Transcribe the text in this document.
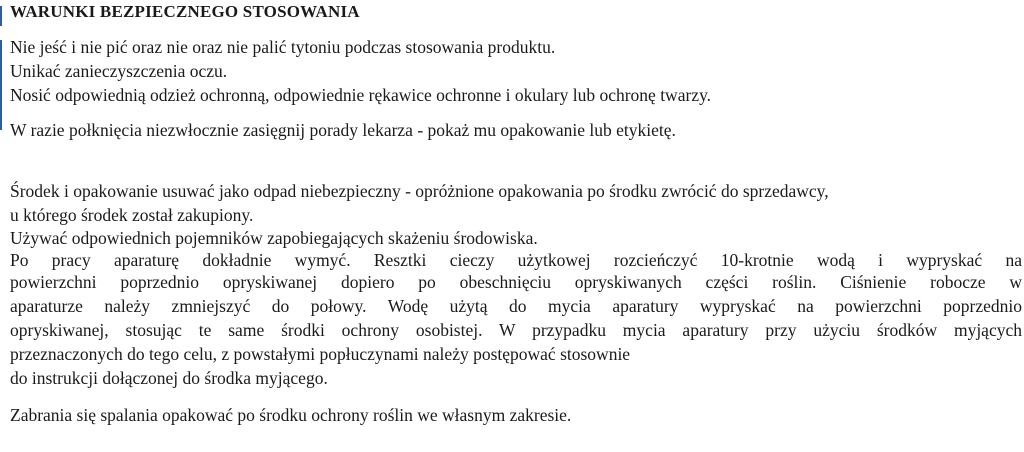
WARUNKI BEZPIECZNEGO STOSOWANIA
Nie jeść i nie pić oraz nie oraz nie palić tytoniu podczas stosowania produktu.
Unikać zanieczyszczenia oczu.
Nosić odpowiednią odzież ochronną, odpowiednie rękawice ochronne i okulary lub ochronę twarzy.
W razie połknięcia niezwłocznie zasięgnij porady lekarza - pokaż mu opakowanie lub etykietę.
Środek i opakowanie usuwać jako odpad niebezpieczny - opróżnione opakowania po środku zwrócić do sprzedawcy,
u którego środek został zakupiony.
Używać odpowiednich pojemników zapobiegających skażeniu środowiska.
Po pracy aparaturę dokładnie wymyć. Resztki cieczy użytkowej rozcieńczyć 10-krotnie wodą i wypryskać na
powierzchni poprzednio opryskiwanej dopiero po obeschnięciu opryskiwanych części roślin. Ciśnienie robocze w
aparaturze należy zmniejszyć do połowy. Wodę użytą do mycia aparatury wypryskać na powierzchni poprzednio
opryskiwanej, stosując te same środki ochrony osobistej. W przypadku mycia aparatury przy użyciu środków myjących
przeznaczonych do tego celu, z powstałymi popłuczynami należy postępować stosownie
do instrukcji dołączonej do środka myjącego.
Zabrania się spalania opakować po środku ochrony roślin we własnym zakresie.
